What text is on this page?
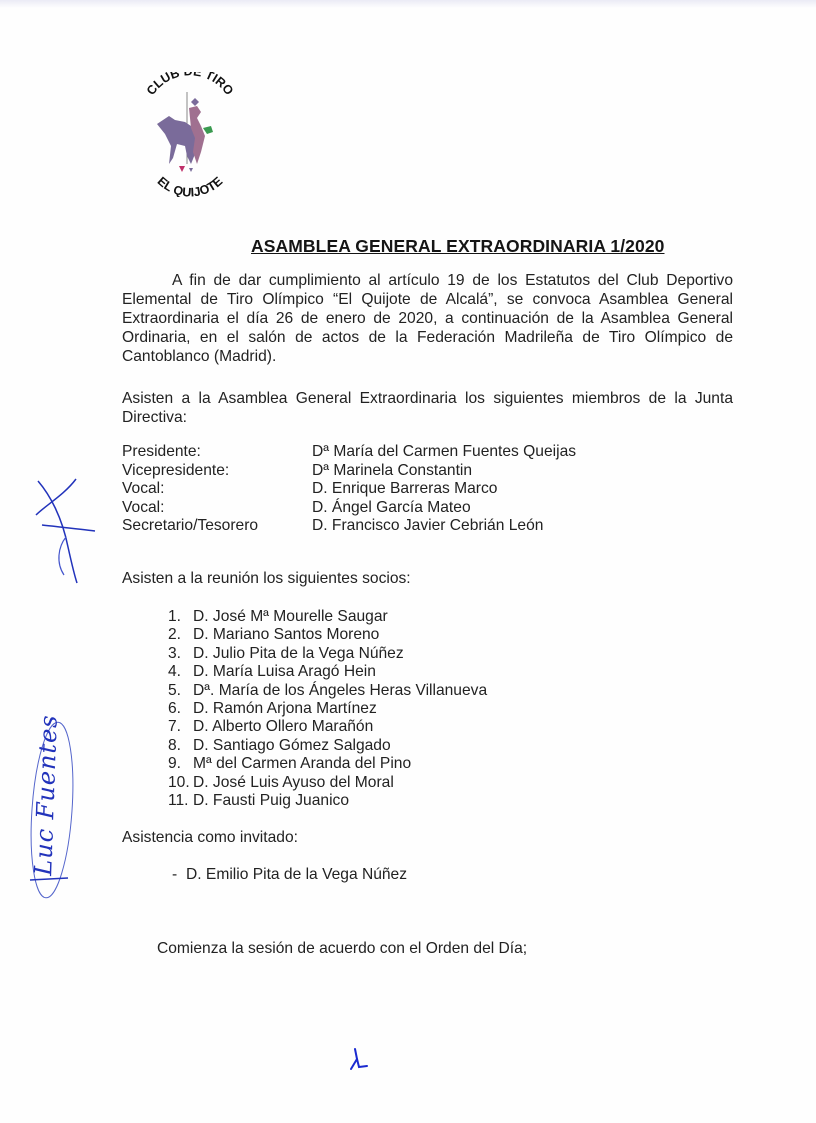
CLUB TIRO
EL QUIJOTE
ASAMBLEA GENERAL EXTRAORDINARIA 1/2020
A fin de dar cumplimiento al artículo 19 de los Estatutos del Club Deportivo Elemental de Tiro Olímpico “El Quijote de Alcalá”, se convoca Asamblea General Extraordinaria el día 26 de enero de 2020, a continuación de la Asamblea General Ordinaria, en el salón de actos de la Federación Madrileña de Tiro Olímpico de Cantoblanco (Madrid).
Asisten a la Asamblea General Extraordinaria los siguientes miembros de la Junta Directiva:
Presidente:	Dª María del Carmen Fuentes Queijas
Vicepresidente:	Dª Marinela Constantin
Vocal:	D. Enrique Barreras Marco
Vocal:	D. Ángel García Mateo
Secretario/Tesorero	D. Francisco Javier Cebrián León
Asisten a la reunión los siguientes socios:
1. D. José Mª Mourelle Saugar
2. D. Mariano Santos Moreno
3. D. Julio Pita de la Vega Núñez
4. D. María Luisa Aragó Hein
5. Dª. María de los Ángeles Heras Villanueva
6. D. Ramón Arjona Martínez
7. D. Alberto Ollero Marañón
8. D. Santiago Gómez Salgado
9. Mª del Carmen Aranda del Pino
10. D. José Luis Ayuso del Moral
11. D. Fausti Puig Juanico
Asistencia como invitado:
- D. Emilio Pita de la Vega Núñez
Comienza la sesión de acuerdo con el Orden del Día;
Luc Fuentes
